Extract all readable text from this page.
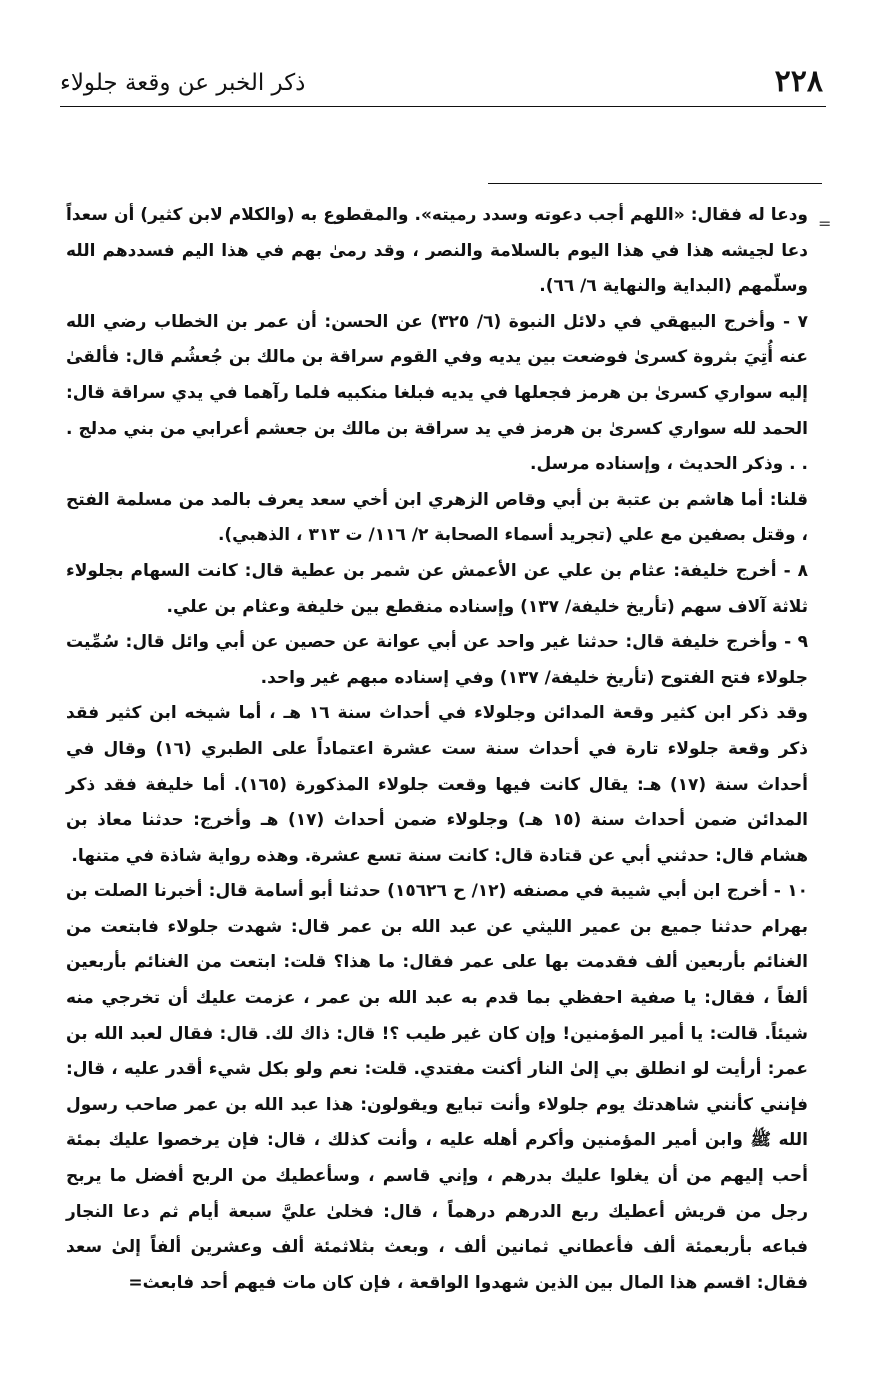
٢٢٨
ذكر الخبر عن وقعة جلولاء
=

ودعا له فقال: «اللهم أجب دعوته وسدد رميته». والمقطوع به (والكلام لابن كثير) أن سعداً دعا لجيشه هذا في هذا اليوم بالسلامة والنصر ، وقد رمىٰ بهم في هذا اليم فسددهم الله وسلّمهم (البداية والنهاية ٦/ ٦٦).

٧ - وأخرج البيهقي في دلائل النبوة (٦/ ٣٢٥) عن الحسن: أن عمر بن الخطاب رضي الله عنه أُتِيَ بثروة كسرىٰ فوضعت بين يديه وفي القوم سراقة بن مالك بن جُعشُم قال: فألقىٰ إليه سواري كسرىٰ بن هرمز فجعلها في يديه فبلغا منكبيه فلما رآهما في يدي سراقة قال: الحمد لله سواري كسرىٰ بن هرمز في يد سراقة بن مالك بن جعشم أعرابي من بني مدلج . . . وذكر الحديث ، وإسناده مرسل.

قلنا: أما هاشم بن عتبة بن أبي وقاص الزهري ابن أخي سعد يعرف بالمد من مسلمة الفتح ، وقتل بصفين مع علي (تجريد أسماء الصحابة ٢/ ١١٦/ ت ٣١٣ ، الذهبي).

٨ - أخرج خليفة: عثام بن علي عن الأعمش عن شمر بن عطية قال: كانت السهام بجلولاء ثلاثة آلاف سهم (تأريخ خليفة/ ١٣٧) وإسناده منقطع بين خليفة وعثام بن علي.

٩ - وأخرج خليفة قال: حدثنا غير واحد عن أبي عوانة عن حصين عن أبي وائل قال: سُمِّيت جلولاء فتح الفتوح (تأريخ خليفة/ ١٣٧) وفي إسناده مبهم غير واحد.

وقد ذكر ابن كثير وقعة المدائن وجلولاء في أحداث سنة ١٦ هـ ، أما شيخه ابن كثير فقد ذكر وقعة جلولاء تارة في أحداث سنة ست عشرة اعتماداً على الطبري (١٦) وقال في أحداث سنة (١٧) هـ: يقال كانت فيها وقعت جلولاء المذكورة (١٦٥). أما خليفة فقد ذكر المدائن ضمن أحداث سنة (١٥ هـ) وجلولاء ضمن أحداث (١٧) هـ وأخرج: حدثنا معاذ بن هشام قال: حدثني أبي عن قتادة قال: كانت سنة تسع عشرة. وهذه رواية شاذة في متنها.

١٠ - أخرج ابن أبي شيبة في مصنفه (١٢/ ح ١٥٦٢٦) حدثنا أبو أسامة قال: أخبرنا الصلت بن بهرام حدثنا جميع بن عمير الليثي عن عبد الله بن عمر قال: شهدت جلولاء فابتعت من الغنائم بأربعين ألف فقدمت بها على عمر فقال: ما هذا؟ قلت: ابتعت من الغنائم بأربعين ألفاً ، فقال: يا صفية احفظي بما قدم به عبد الله بن عمر ، عزمت عليك أن تخرجي منه شيئاً. قالت: يا أمير المؤمنين! وإن كان غير طيب ؟! قال: ذاك لك. قال: فقال لعبد الله بن عمر: أرأيت لو انطلق بي إلىٰ النار أكنت مفتدي. قلت: نعم ولو بكل شيء أقدر عليه ، قال: فإنني كأنني شاهدتك يوم جلولاء وأنت تبايع ويقولون: هذا عبد الله بن عمر صاحب رسول الله ﷺ وابن أمير المؤمنين وأكرم أهله عليه ، وأنت كذلك ، قال: فإن يرخصوا عليك بمئة أحب إليهم من أن يغلوا عليك بدرهم ، وإني قاسم ، وسأعطيك من الربح أفضل ما يربح رجل من قريش أعطيك ربع الدرهم درهماً ، قال: فخلىٰ عليَّ سبعة أيام ثم دعا النجار فباعه بأربعمئة ألف فأعطاني ثمانين ألف ، وبعث بثلاثمئة ألف وعشرين ألفاً إلىٰ سعد فقال: اقسم هذا المال بين الذين شهدوا الواقعة ، فإن كان مات فيهم أحد فابعث=
